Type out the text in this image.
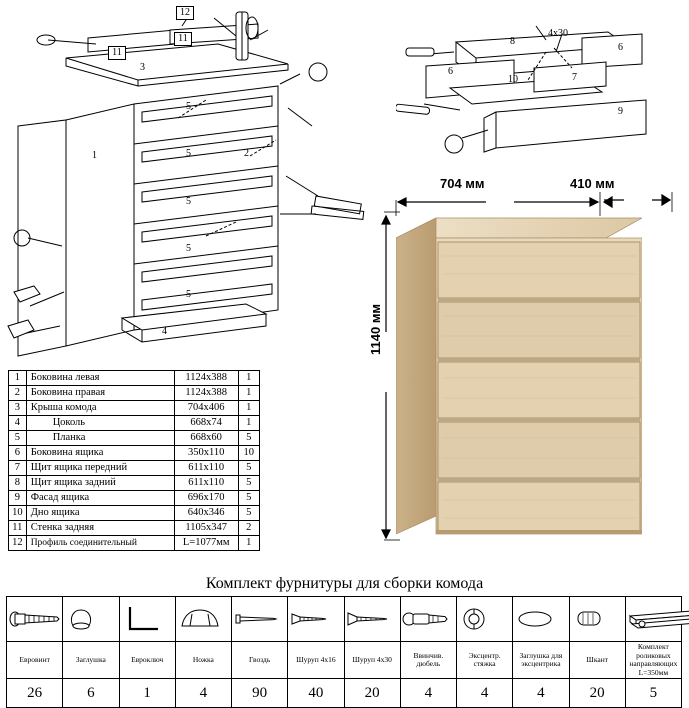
12
11
11
3
1	2
5
5
5
5
5
4
8
4х30
6
6
10	7
9
704 мм	410 мм
1140 мм
1	Боковина левая	1124х388	1
2	Боковина правая	1124х388	1
3	Крыша комода	704х406	1
4	Цоколь	668х74	1
5	Планка	668х60	5
6	Боковина ящика	350х110	10
7	Щит ящика передний	611х110	5
8	Щит ящика задний	611х110	5
9	Фасад ящика	696х170	5
10	Дно ящика	640х346	5
11	Стенка задняя	1105х347	2
12	Профиль соединительный	L=1077мм	1
Комплект фурнитуры для сборки комода

Евровинт	Заглушка	Евроключ	Ножка	Гвоздь	Шуруп 4х16	Шуруп 4х30	Ввинчив. дюбель	Эксцентр. стяжка	Заглушка для эксцентрика	Шкант	Комплект роликовых направляющих L=350мм
26	6	1	4	90	40	20	4	4	4	20	5
